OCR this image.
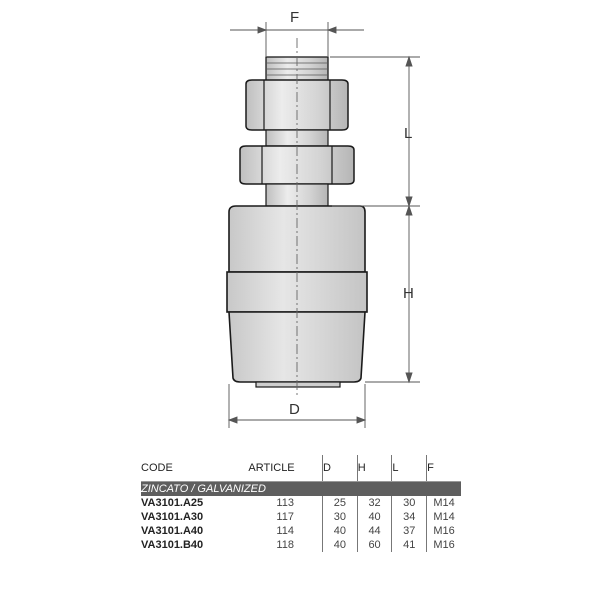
F
L
H
D
CODE	ARTICLE	D	H	L	F
ZINCATO / GALVANIZED					
VA3101.A25	113	25	32	30	M14
VA3101.A30	117	30	40	34	M14
VA3101.A40	114	40	44	37	M16
VA3101.B40	118	40	60	41	M16
